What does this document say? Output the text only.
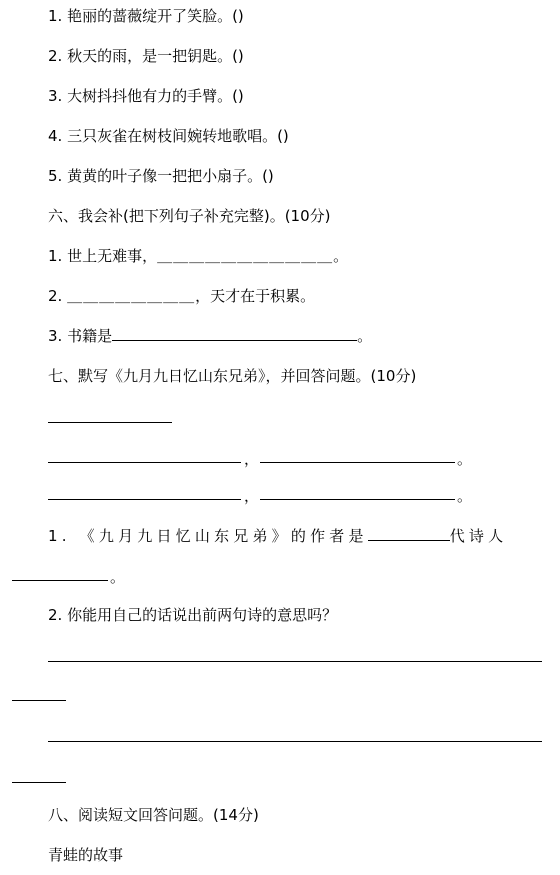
1. 艳丽的蔷薇绽开了笑脸。()
2. 秋天的雨，是一把钥匙。()
3. 大树抖抖他有力的手臂。()
4. 三只灰雀在树枝间婉转地歌唱。()
5. 黄黄的叶子像一把把小扇子。()
六、我会补(把下列句子补充完整)。(10分)
1. 世上无难事，＿＿＿＿＿＿＿＿＿＿＿。
2. ＿＿＿＿＿＿＿＿，天才在于积累。
3. 书籍是	。
七、默写《九月九日忆山东兄弟》，并回答问题。(10分)
，	。
，	。
1. 《九月九日忆山东兄弟》的作者是	代诗人
。
2. 你能用自己的话说出前两句诗的意思吗？
八、阅读短文回答问题。(14分)
青蛙的故事
